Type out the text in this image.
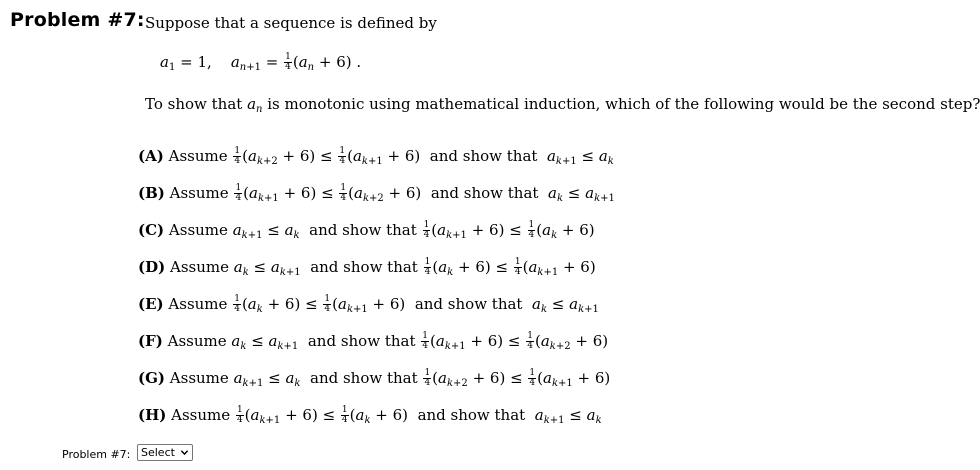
Problem #7: Suppose that a sequence is defined by
$a_1 = 1$, $a_{n+1} = \frac{1}{4} (a_n + 6)$ .
To show that $a_n$ is monotonic using mathematical induction, which of the following would be the second step?
(A) Assume $\frac{1}{4} (a_{k+2} + 6) \le \frac{1}{4} (a_{k+1} + 6)$  and show that $a_{k+1} \le a_k$
(B) Assume $\frac{1}{4} (a_{k+1} + 6) \le \frac{1}{4} (a_{k+2} + 6)$  and show that $a_k \le a_{k+1}$
(C) Assume $a_{k+1} \le a_k$ and show that $\frac{1}{4} (a_{k+1} + 6) \le \frac{1}{4} (a_k + 6)$
(D) Assume $a_k \le a_{k+1}$ and show that $\frac{1}{4} (a_k + 6) \le \frac{1}{4} (a_{k+1} + 6)$
(E) Assume $\frac{1}{4} (a_k + 6) \le \frac{1}{4} (a_{k+1} + 6)$  and show that $a_k \le a_{k+1}$
(F) Assume $a_k \le a_{k+1}$ and show that $\frac{1}{4} (a_{k+1} + 6) \le \frac{1}{4} (a_{k+2} + 6)$
(G) Assume $a_{k+1} \le a_k$ and show that $\frac{1}{4} (a_{k+2} + 6) \le \frac{1}{4} (a_{k+1} + 6)$
(H) Assume $\frac{1}{4} (a_{k+1} + 6) \le \frac{1}{4} (a_k + 6)$  and show that $a_{k+1} \le a_k$
Problem #7: Select
